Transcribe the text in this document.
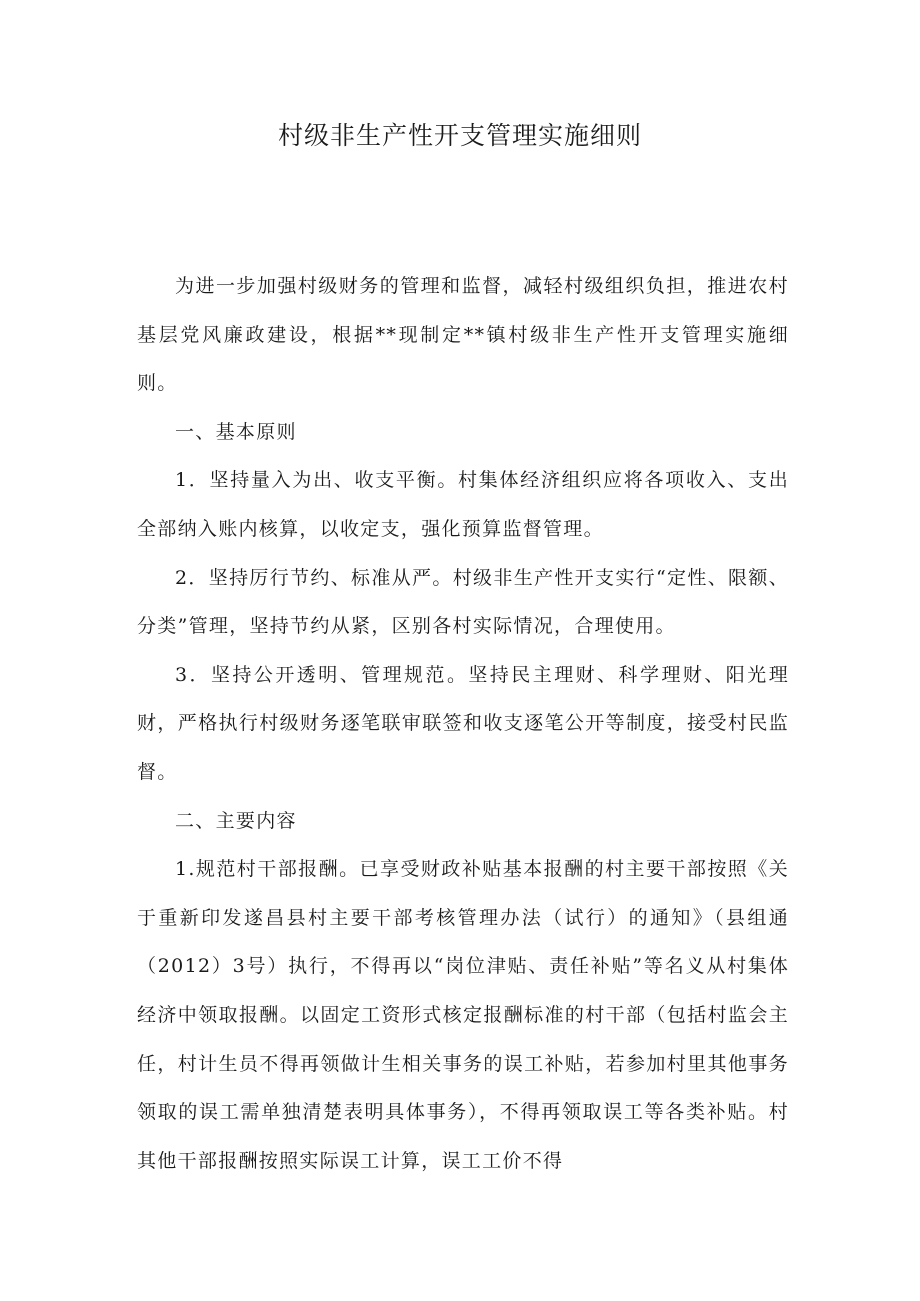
村级非生产性开支管理实施细则

为进一步加强村级财务的管理和监督，减轻村级组织负担，推进农村基层党风廉政建设，根据**现制定**镇村级非生产性开支管理实施细则。

一、基本原则

1．坚持量入为出、收支平衡。村集体经济组织应将各项收入、支出全部纳入账内核算，以收定支，强化预算监督管理。

2．坚持厉行节约、标准从严。村级非生产性开支实行“定性、限额、分类”管理，坚持节约从紧，区别各村实际情况，合理使用。

3．坚持公开透明、管理规范。坚持民主理财、科学理财、阳光理财，严格执行村级财务逐笔联审联签和收支逐笔公开等制度，接受村民监督。

二、主要内容

1.规范村干部报酬。已享受财政补贴基本报酬的村主要干部按照《关于重新印发遂昌县村主要干部考核管理办法（试行）的通知》（县组通（2012）3号）执行，不得再以“岗位津贴、责任补贴”等名义从村集体经济中领取报酬。以固定工资形式核定报酬标准的村干部（包括村监会主任，村计生员不得再领做计生相关事务的误工补贴，若参加村里其他事务领取的误工需单独清楚表明具体事务），不得再领取误工等各类补贴。村其他干部报酬按照实际误工计算，误工工价不得
